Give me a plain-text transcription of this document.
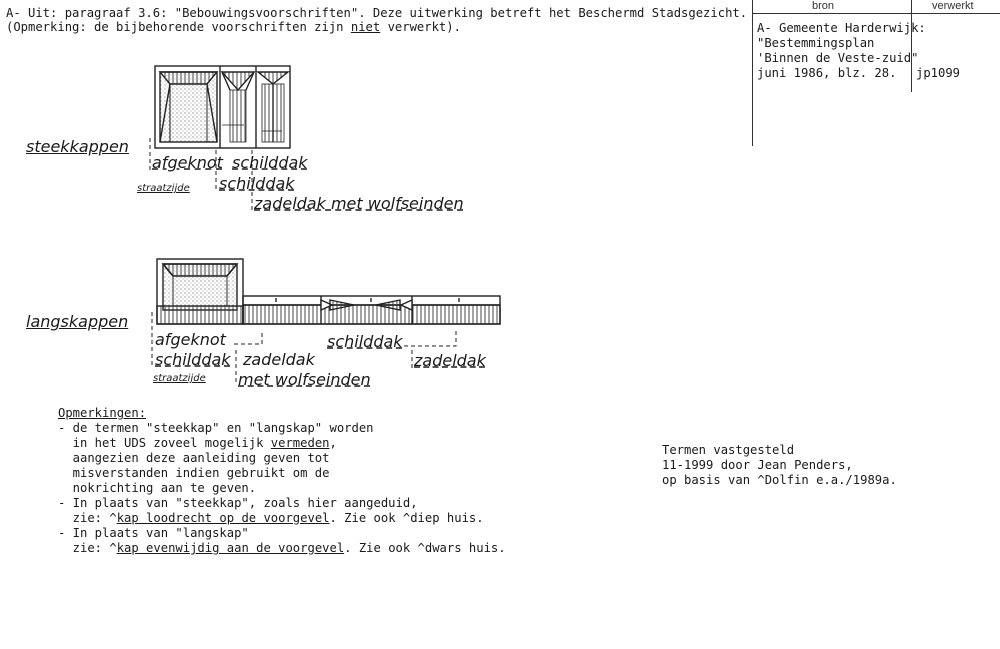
A- Uit: paragraaf 3.6: "Bebouwingsvoorschriften". Deze uitwerking betreft het Beschermd Stadsgezicht.
(Opmerking: de bijbehorende voorschriften zijn niet verwerkt).
bron	verwerkt
A- Gemeente Harderwijk:
"Bestemmingsplan
'Binnen de Veste-zuid"
juni 1986, blz. 28. jp1099
steekkappen
afgeknot schilddak
schilddak
zadeldak met wolfseinden
straatzijde
langskappen
afgeknot
schilddak zadeldak
met wolfseinden
schilddak
zadeldak
straatzijde
Opmerkingen:
- de termen "steekkap" en "langskap" worden
in het UDS zoveel mogelijk vermeden,
aangezien deze aanleiding geven tot
misverstanden indien gebruikt om de
nokrichting aan te geven.
- In plaats van "steekkap", zoals hier aangeduid,
zie: ^kap loodrecht op de voorgevel. Zie ook ^diep huis.
- In plaats van "langskap"
zie: ^kap evenwijdig aan de voorgevel. Zie ook ^dwars huis.
Termen vastgesteld
11-1999 door Jean Penders,
op basis van ^Dolfin e.a./1989a.
